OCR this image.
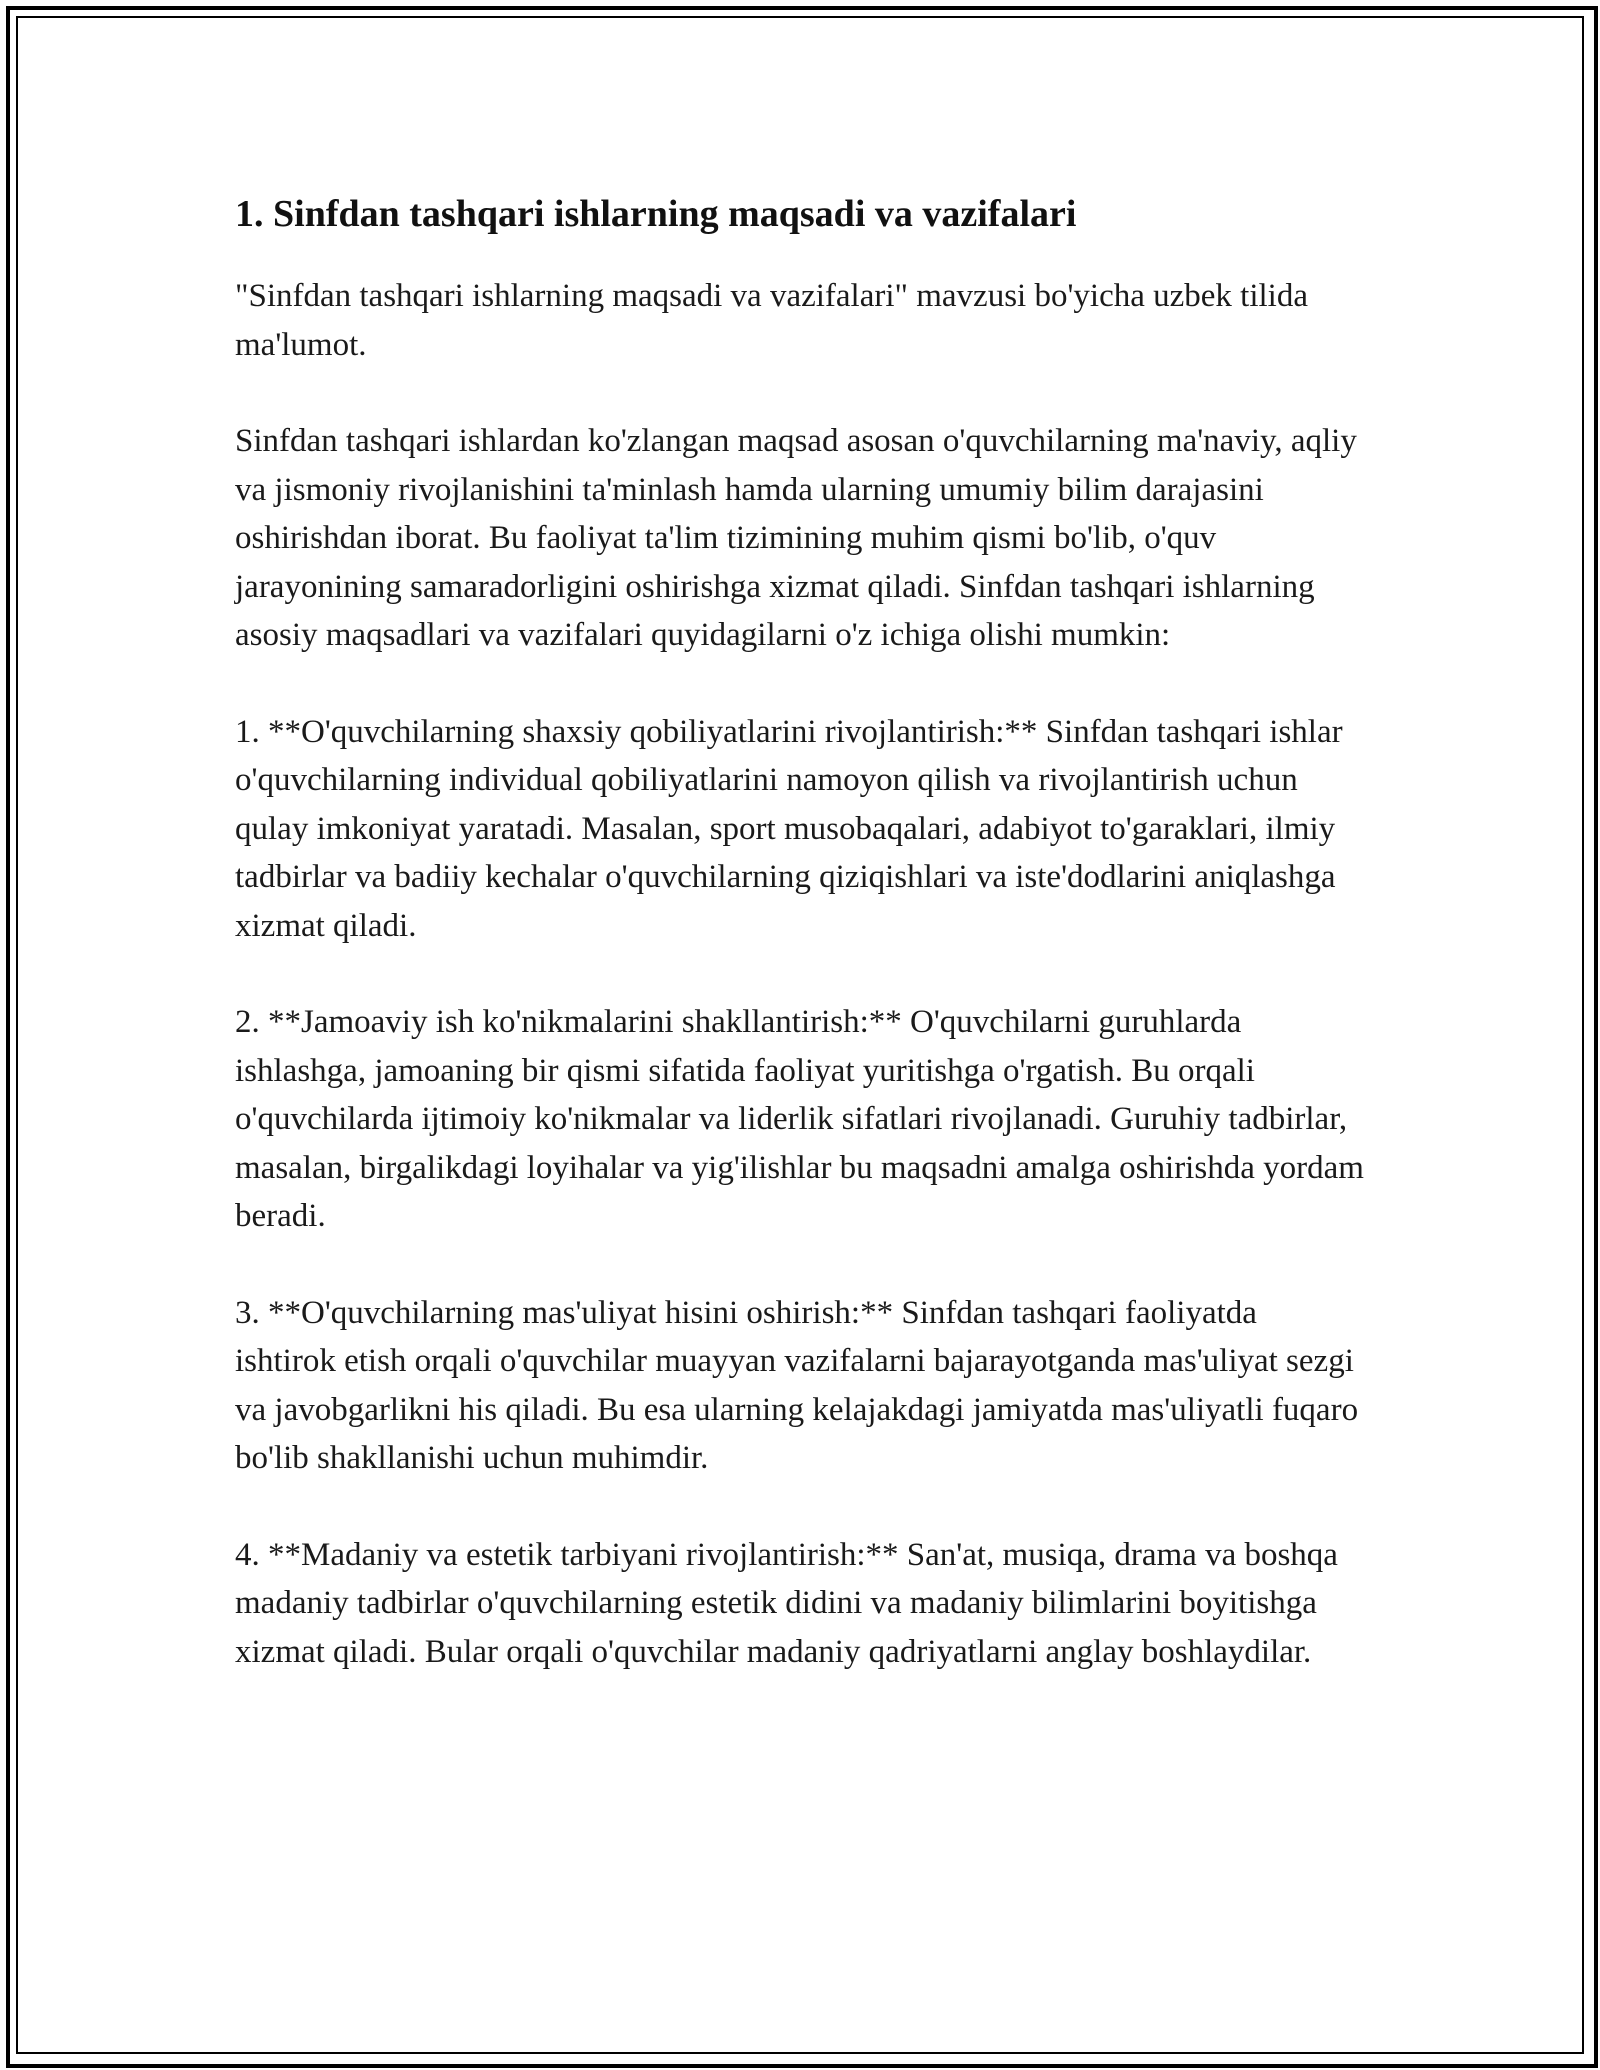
1. Sinfdan tashqari ishlarning maqsadi va vazifalari

"Sinfdan tashqari ishlarning maqsadi va vazifalari" mavzusi bo'yicha uzbek tilida ma'lumot.

Sinfdan tashqari ishlardan ko'zlangan maqsad asosan o'quvchilarning ma'naviy, aqliy va jismoniy rivojlanishini ta'minlash hamda ularning umumiy bilim darajasini oshirishdan iborat. Bu faoliyat ta'lim tizimining muhim qismi bo'lib, o'quv jarayonining samaradorligini oshirishga xizmat qiladi. Sinfdan tashqari ishlarning asosiy maqsadlari va vazifalari quyidagilarni o'z ichiga olishi mumkin:

1. **O'quvchilarning shaxsiy qobiliyatlarini rivojlantirish:** Sinfdan tashqari ishlar o'quvchilarning individual qobiliyatlarini namoyon qilish va rivojlantirish uchun qulay imkoniyat yaratadi. Masalan, sport musobaqalari, adabiyot to'garaklari, ilmiy tadbirlar va badiiy kechalar o'quvchilarning qiziqishlari va iste'dodlarini aniqlashga xizmat qiladi.

2. **Jamoaviy ish ko'nikmalarini shakllantirish:** O'quvchilarni guruhlarda ishlashga, jamoaning bir qismi sifatida faoliyat yuritishga o'rgatish. Bu orqali o'quvchilarda ijtimoiy ko'nikmalar va liderlik sifatlari rivojlanadi. Guruhiy tadbirlar, masalan, birgalikdagi loyihalar va yig'ilishlar bu maqsadni amalga oshirishda yordam beradi.

3. **O'quvchilarning mas'uliyat hisini oshirish:** Sinfdan tashqari faoliyatda ishtirok etish orqali o'quvchilar muayyan vazifalarni bajarayotganda mas'uliyat sezgi va javobgarlikni his qiladi. Bu esa ularning kelajakdagi jamiyatda mas'uliyatli fuqaro bo'lib shakllanishi uchun muhimdir.

4. **Madaniy va estetik tarbiyani rivojlantirish:** San'at, musiqa, drama va boshqa madaniy tadbirlar o'quvchilarning estetik didini va madaniy bilimlarini boyitishga xizmat qiladi. Bular orqali o'quvchilar madaniy qadriyatlarni anglay boshlaydilar.
